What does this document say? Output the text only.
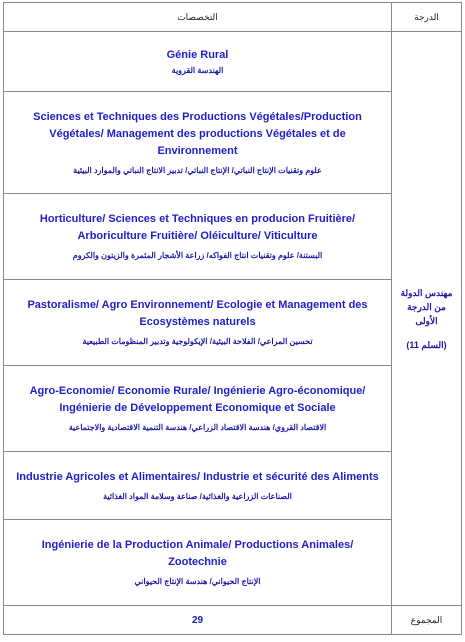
التخصصات	الدرجة

Génie Rural
الهندسة القروية	مهندس الدولة من الدرجة الأولى
(السلم 11)

Sciences et Techniques des Productions Végétales/Production Végétales/ Management des productions Végétales et de Environnement
علوم وتقنيات الإنتاج النباتي/ الإنتاج النباتي/ تدبير الانتاج النباتي والموارد البيئية	

Horticulture/ Sciences et Techniques en producion Fruitière/ Arboriculture Fruitière/ Oléiculture/ Viticulture
البستنة/ علوم وتقنيات انتاج الفواكه/ زراعة الأشجار المثمرة والزيتون والكروم	

Pastoralisme/ Agro Environnement/ Ecologie et Management des Ecosystèmes naturels
تحسين المراعي/ الفلاحة البيئية/ الإيكولوجية وتدبير المنظومات الطبيعية	

Agro-Economie/ Economie Rurale/ Ingénierie Agro-économique/ Ingénierie de Développement Economique et Sociale
الاقتصاد القروي/ هندسة الاقتصاد الزراعي/ هندسة التنمية الاقتصادية والاجتماعية	

Industrie Agricoles et Alimentaires/ Industrie et sécurité des Aliments
الصناعات الزراعية والغذائية/ صناعة وسلامة المواد الغذائية	

Ingénierie de la Production Animale/ Productions Animales/ Zootechnie
الإنتاج الحيواني/ هندسة الإنتاج الحيواني	

29	المجموع
